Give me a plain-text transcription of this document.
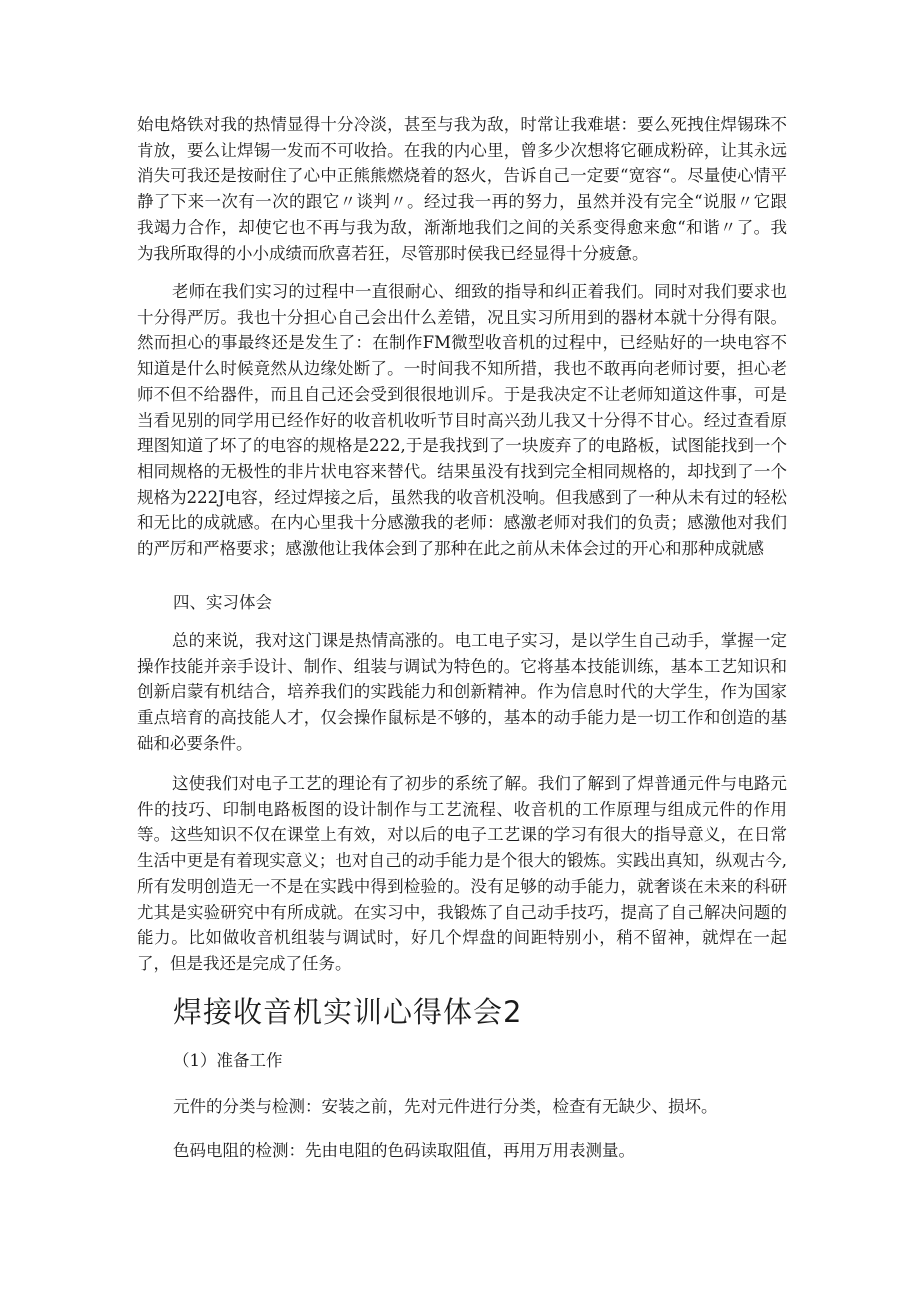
始电烙铁对我的热情显得十分冷淡，甚至与我为敌，时常让我难堪：要么死拽住焊锡珠不肯放，要么让焊锡一发而不可收拾。在我的内心里，曾多少次想将它砸成粉碎，让其永远消失可我还是按耐住了心中正熊熊燃烧着的怒火，告诉自己一定要“宽容“。尽量使心情平静了下来一次有一次的跟它〃谈判〃。经过我一再的努力，虽然并没有完全“说服〃它跟我竭力合作，却使它也不再与我为敌，渐渐地我们之间的关系变得愈来愈“和谐〃了。我为我所取得的小小成绩而欣喜若狂，尽管那时侯我已经显得十分疲惫。

老师在我们实习的过程中一直很耐心、细致的指导和纠正着我们。同时对我们要求也十分得严厉。我也十分担心自己会出什么差错，况且实习所用到的器材本就十分得有限。然而担心的事最终还是发生了：在制作FM微型收音机的过程中，已经贴好的一块电容不知道是什么时候竟然从边缘处断了。一时间我不知所措，我也不敢再向老师讨要，担心老师不但不给器件，而且自己还会受到很很地训斥。于是我决定不让老师知道这件事，可是当看见别的同学用已经作好的收音机收听节目时高兴劲儿我又十分得不甘心。经过查看原理图知道了坏了的电容的规格是222,于是我找到了一块废弃了的电路板，试图能找到一个相同规格的无极性的非片状电容来替代。结果虽没有找到完全相同规格的，却找到了一个规格为222J电容，经过焊接之后，虽然我的收音机没响。但我感到了一种从未有过的轻松和无比的成就感。在内心里我十分感激我的老师：感激老师对我们的负责；感激他对我们的严厉和严格要求；感激他让我体会到了那种在此之前从未体会过的开心和那种成就感

四、实习体会

总的来说，我对这门课是热情高涨的。电工电子实习，是以学生自己动手，掌握一定操作技能并亲手设计、制作、组装与调试为特色的。它将基本技能训练，基本工艺知识和创新启蒙有机结合，培养我们的实践能力和创新精神。作为信息时代的大学生，作为国家重点培育的高技能人才，仅会操作鼠标是不够的，基本的动手能力是一切工作和创造的基础和必要条件。

这使我们对电子工艺的理论有了初步的系统了解。我们了解到了焊普通元件与电路元件的技巧、印制电路板图的设计制作与工艺流程、收音机的工作原理与组成元件的作用等。这些知识不仅在课堂上有效，对以后的电子工艺课的学习有很大的指导意义，在日常生活中更是有着现实意义；也对自己的动手能力是个很大的锻炼。实践出真知，纵观古今,所有发明创造无一不是在实践中得到检验的。没有足够的动手能力，就奢谈在未来的科研尤其是实验研究中有所成就。在实习中，我锻炼了自己动手技巧，提高了自己解决问题的能力。比如做收音机组装与调试时，好几个焊盘的间距特别小，稍不留神，就焊在一起了，但是我还是完成了任务。

焊接收音机实训心得体会2

（1）准备工作

元件的分类与检测：安装之前，先对元件进行分类，检查有无缺少、损坏。

色码电阻的检测：先由电阻的色码读取阻值，再用万用表测量。
